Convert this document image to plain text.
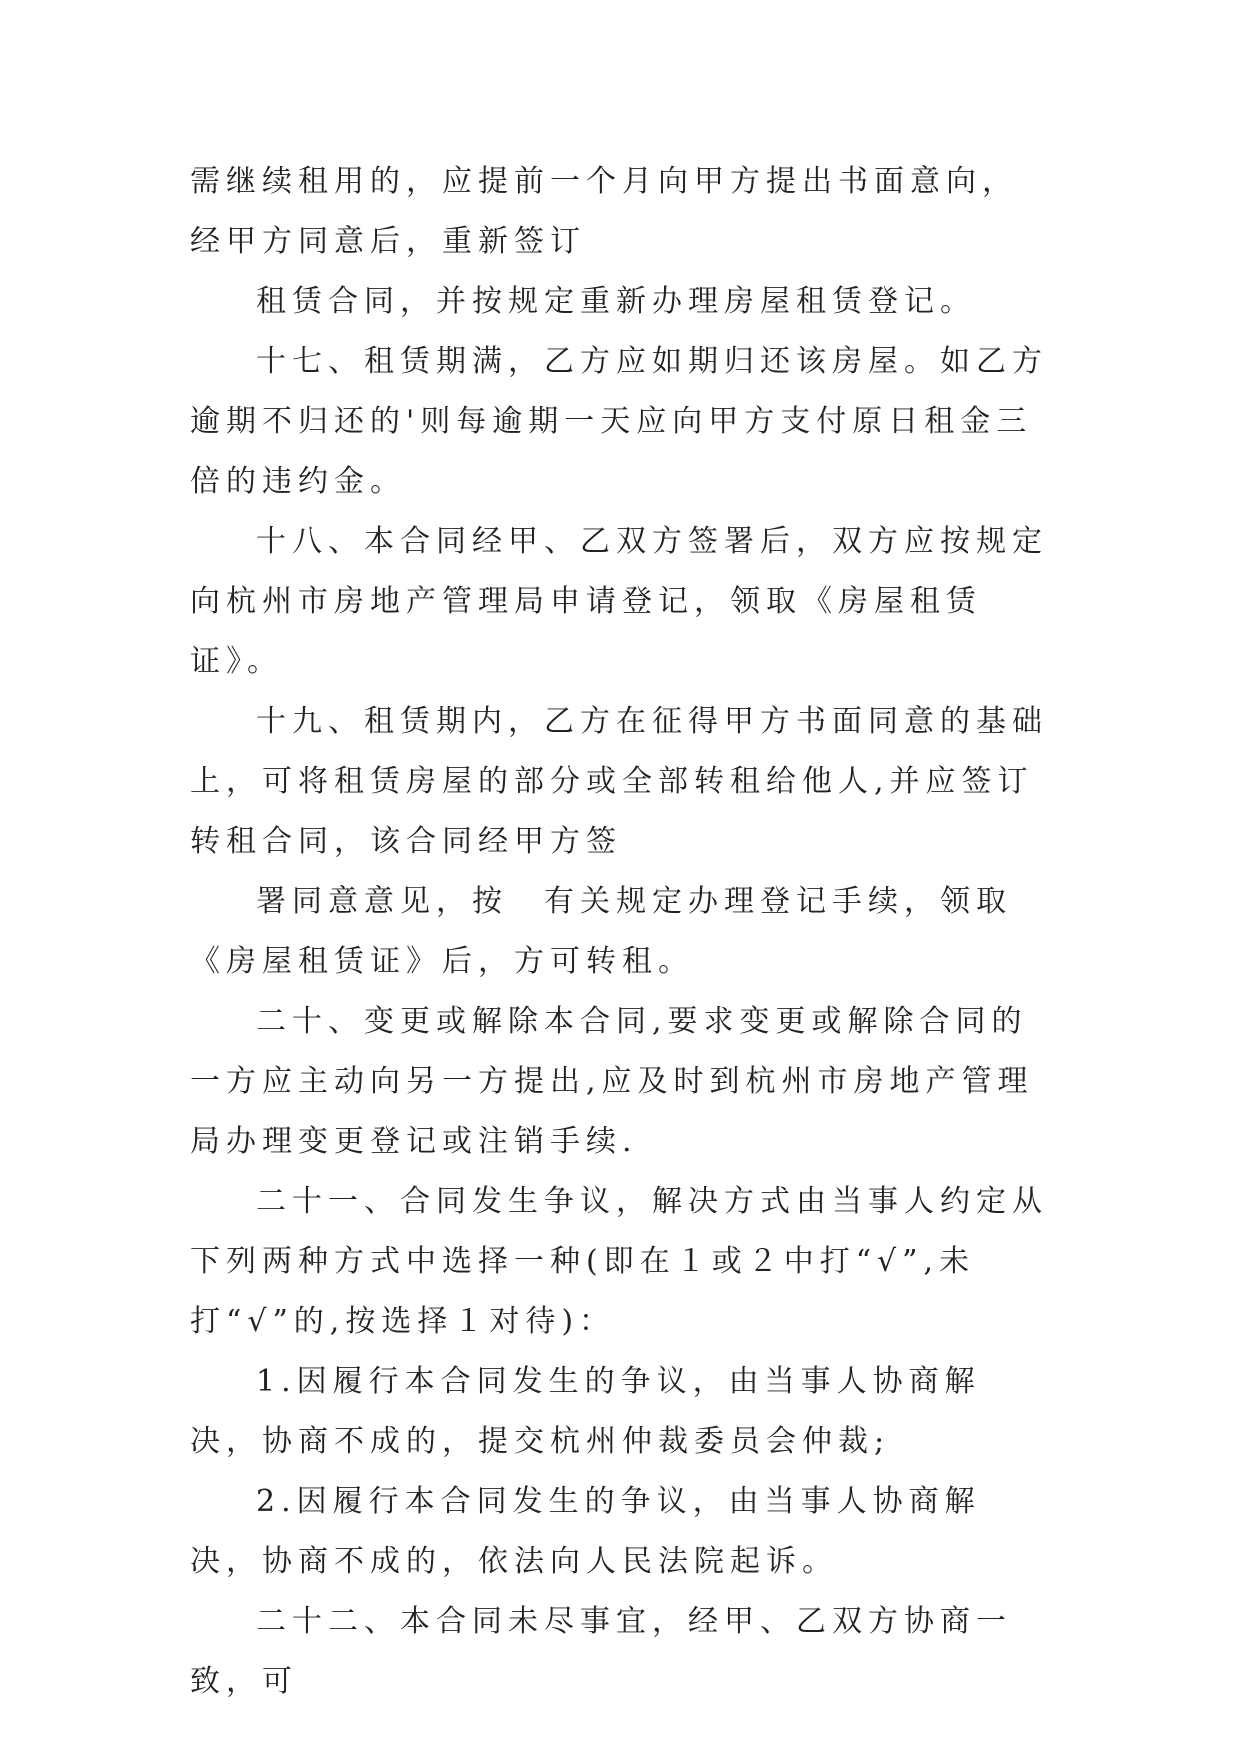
需继续租用的，应提前一个月向甲方提出书面意向，经甲方同意后，重新签订

租赁合同，并按规定重新办理房屋租赁登记。

十七、租赁期满，乙方应如期归还该房屋。如乙方逾期不归还的'则每逾期一天应向甲方支付原日租金三倍的违约金。

十八、本合同经甲、乙双方签署后，双方应按规定向杭州市房地产管理局申请登记，领取《房屋租赁证》。

十九、租赁期内，乙方在征得甲方书面同意的基础上，可将租赁房屋的部分或全部转租给他人,并应签订转租合同，该合同经甲方签

署同意意见，按　有关规定办理登记手续，领取《房屋租赁证》后，方可转租。

二十、变更或解除本合同,要求变更或解除合同的一方应主动向另一方提出,应及时到杭州市房地产管理局办理变更登记或注销手续.

二十一、合同发生争议，解决方式由当事人约定从下列两种方式中选择一种(即在１或２中打“√”,未打“√”的,按选择１对待)：

1.因履行本合同发生的争议，由当事人协商解决，协商不成的，提交杭州仲裁委员会仲裁;

2.因履行本合同发生的争议，由当事人协商解决，协商不成的，依法向人民法院起诉。

二十二、本合同未尽事宜，经甲、乙双方协商一致，可
